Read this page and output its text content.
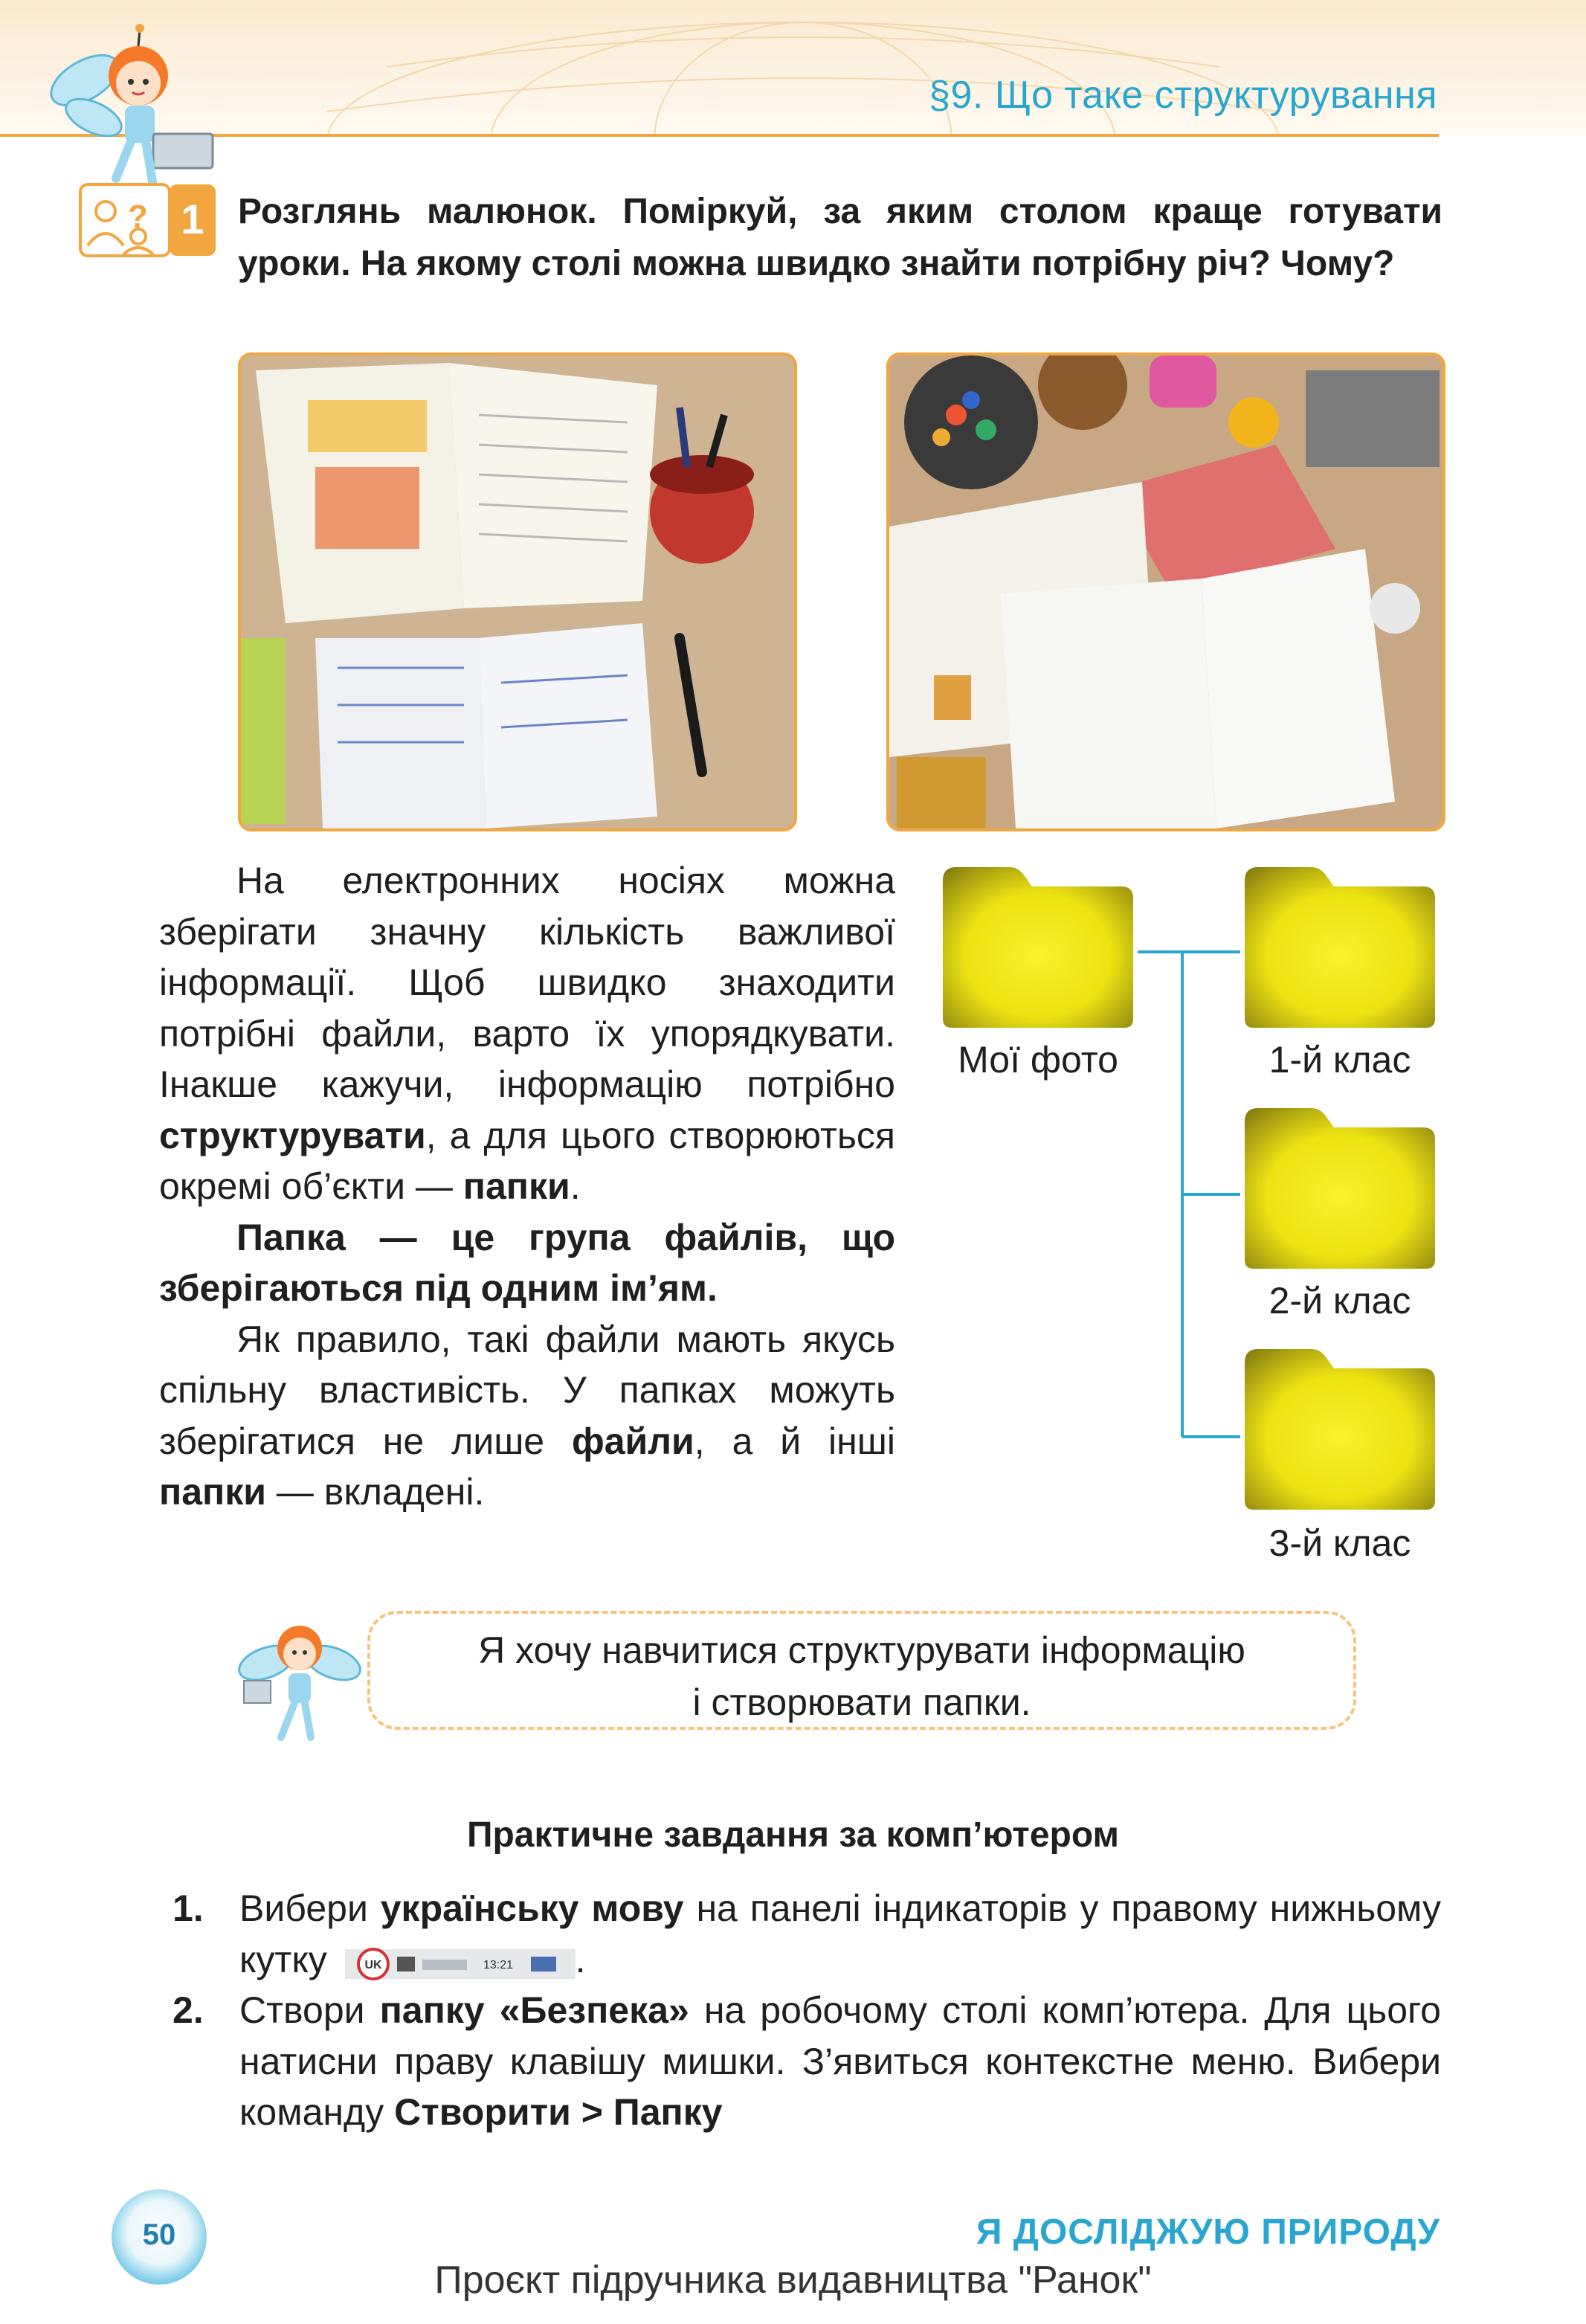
§9. Що таке структурування
? 1 Розглянь малюнок. Поміркуй, за яким столом краще готувати уроки. На якому столі можна швидко знайти потрібну річ? Чому?

На електронних носіях можна зберігати значну кількість важливої інформації. Щоб швидко знаходити потрібні файли, варто їх упорядкувати. Інакше кажучи, інформацію потрібно структурувати, а для цього створюються окремі об’єкти — папки.

Папка — це група файлів, що зберігаються під одним ім’ям.

Як правило, такі файли мають якусь спільну властивість. У папках можуть зберігатися не лише файли, а й інші папки — вкладені.

Мої фото	1-й клас
2-й клас
3-й клас
Я хочу навчитися структурувати інформацію
і створювати папки.
Практичне завдання за комп’ютером
1. Вибери українську мову на панелі індикаторів у правому нижньому кутку UK	13:21 .
2. Створи папку «Безпека» на робочому столі комп’ютера. Для цього натисни праву клавішу мишки. З’явиться контекстне меню. Вибери команду Створити > Папку
50	Я ДОСЛІДЖУЮ ПРИРОДУ
Проєкт підручника видавництва "Ранок"
